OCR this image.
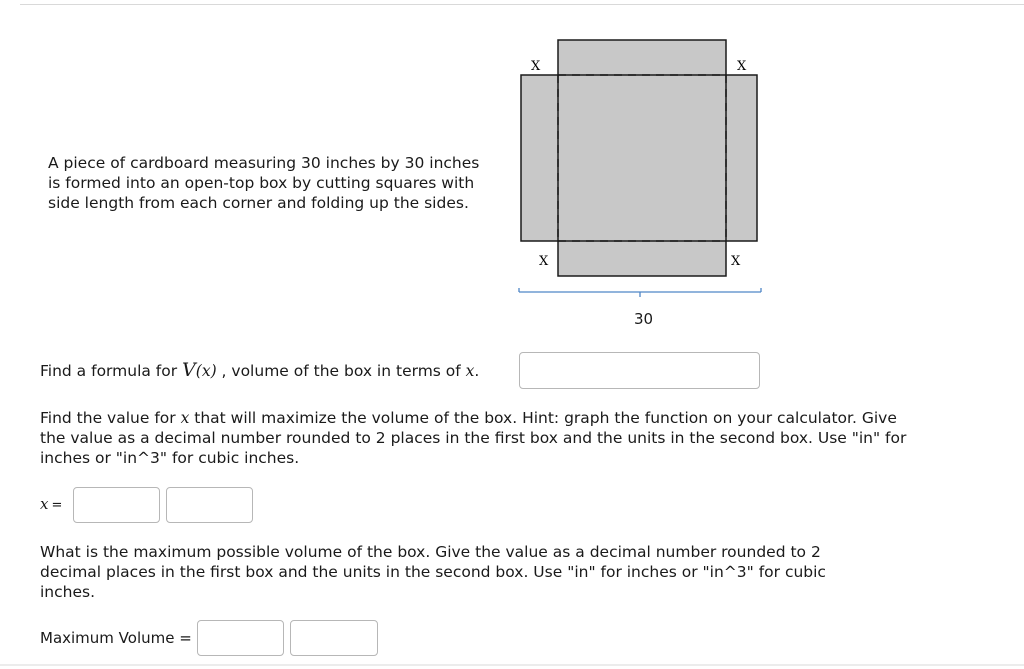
A piece of cardboard measuring 30 inches by 30 inches is formed into an open-top box by cutting squares with side length from each corner and folding up the sides.

X	X
X	X
30

Find a formula for V(x) , volume of the box in terms of x.

Find the value for x that will maximize the volume of the box. Hint: graph the function on your calculator. Give the value as a decimal number rounded to 2 places in the first box and the units in the second box. Use "in" for inches or "in^3" for cubic inches.

x =

What is the maximum possible volume of the box. Give the value as a decimal number rounded to 2 decimal places in the first box and the units in the second box. Use "in" for inches or "in^3" for cubic inches.

Maximum Volume =
